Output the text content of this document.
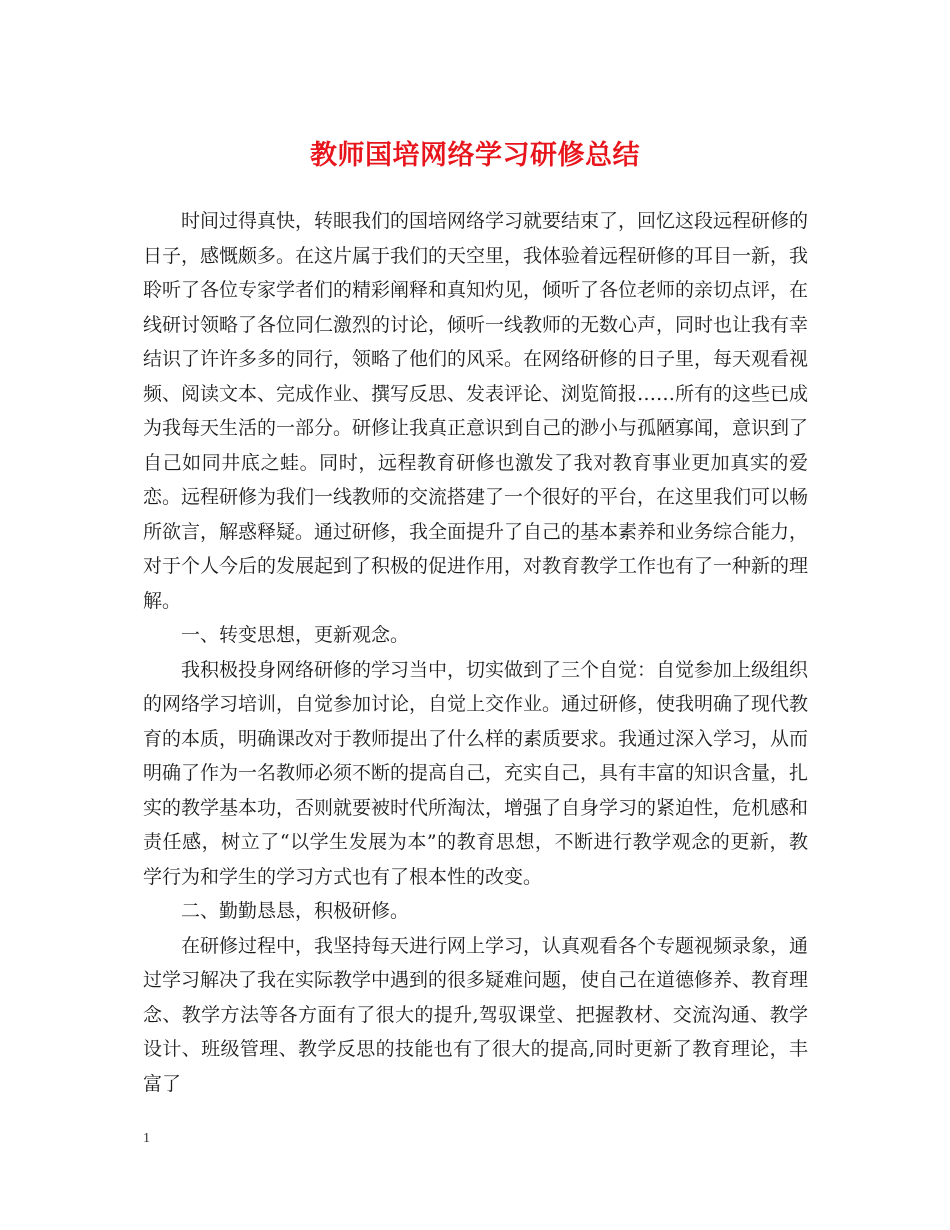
教师国培网络学习研修总结

时间过得真快，转眼我们的国培网络学习就要结束了，回忆这段远程研修的日子，感慨颇多。在这片属于我们的天空里，我体验着远程研修的耳目一新，我聆听了各位专家学者们的精彩阐释和真知灼见，倾听了各位老师的亲切点评，在线研讨领略了各位同仁激烈的讨论，倾听一线教师的无数心声，同时也让我有幸结识了许许多多的同行，领略了他们的风采。在网络研修的日子里，每天观看视频、阅读文本、完成作业、撰写反思、发表评论、浏览简报……所有的这些已成为我每天生活的一部分。研修让我真正意识到自己的渺小与孤陋寡闻，意识到了自己如同井底之蛙。同时，远程教育研修也激发了我对教育事业更加真实的爱恋。远程研修为我们一线教师的交流搭建了一个很好的平台，在这里我们可以畅所欲言，解惑释疑。通过研修，我全面提升了自己的基本素养和业务综合能力，对于个人今后的发展起到了积极的促进作用，对教育教学工作也有了一种新的理解。

一、转变思想，更新观念。

我积极投身网络研修的学习当中，切实做到了三个自觉：自觉参加上级组织的网络学习培训，自觉参加讨论，自觉上交作业。通过研修，使我明确了现代教育的本质，明确课改对于教师提出了什么样的素质要求。我通过深入学习，从而明确了作为一名教师必须不断的提高自己，充实自己，具有丰富的知识含量，扎实的教学基本功，否则就要被时代所淘汰，增强了自身学习的紧迫性，危机感和责任感，树立了“以学生发展为本”的教育思想，不断进行教学观念的更新，教学行为和学生的学习方式也有了根本性的改变。

二、勤勤恳恳，积极研修。

在研修过程中，我坚持每天进行网上学习，认真观看各个专题视频录象，通过学习解决了我在实际教学中遇到的很多疑难问题，使自己在道德修养、教育理念、教学方法等各方面有了很大的提升,驾驭课堂、把握教材、交流沟通、教学设计、班级管理、教学反思的技能也有了很大的提高,同时更新了教育理论，丰富了

1
